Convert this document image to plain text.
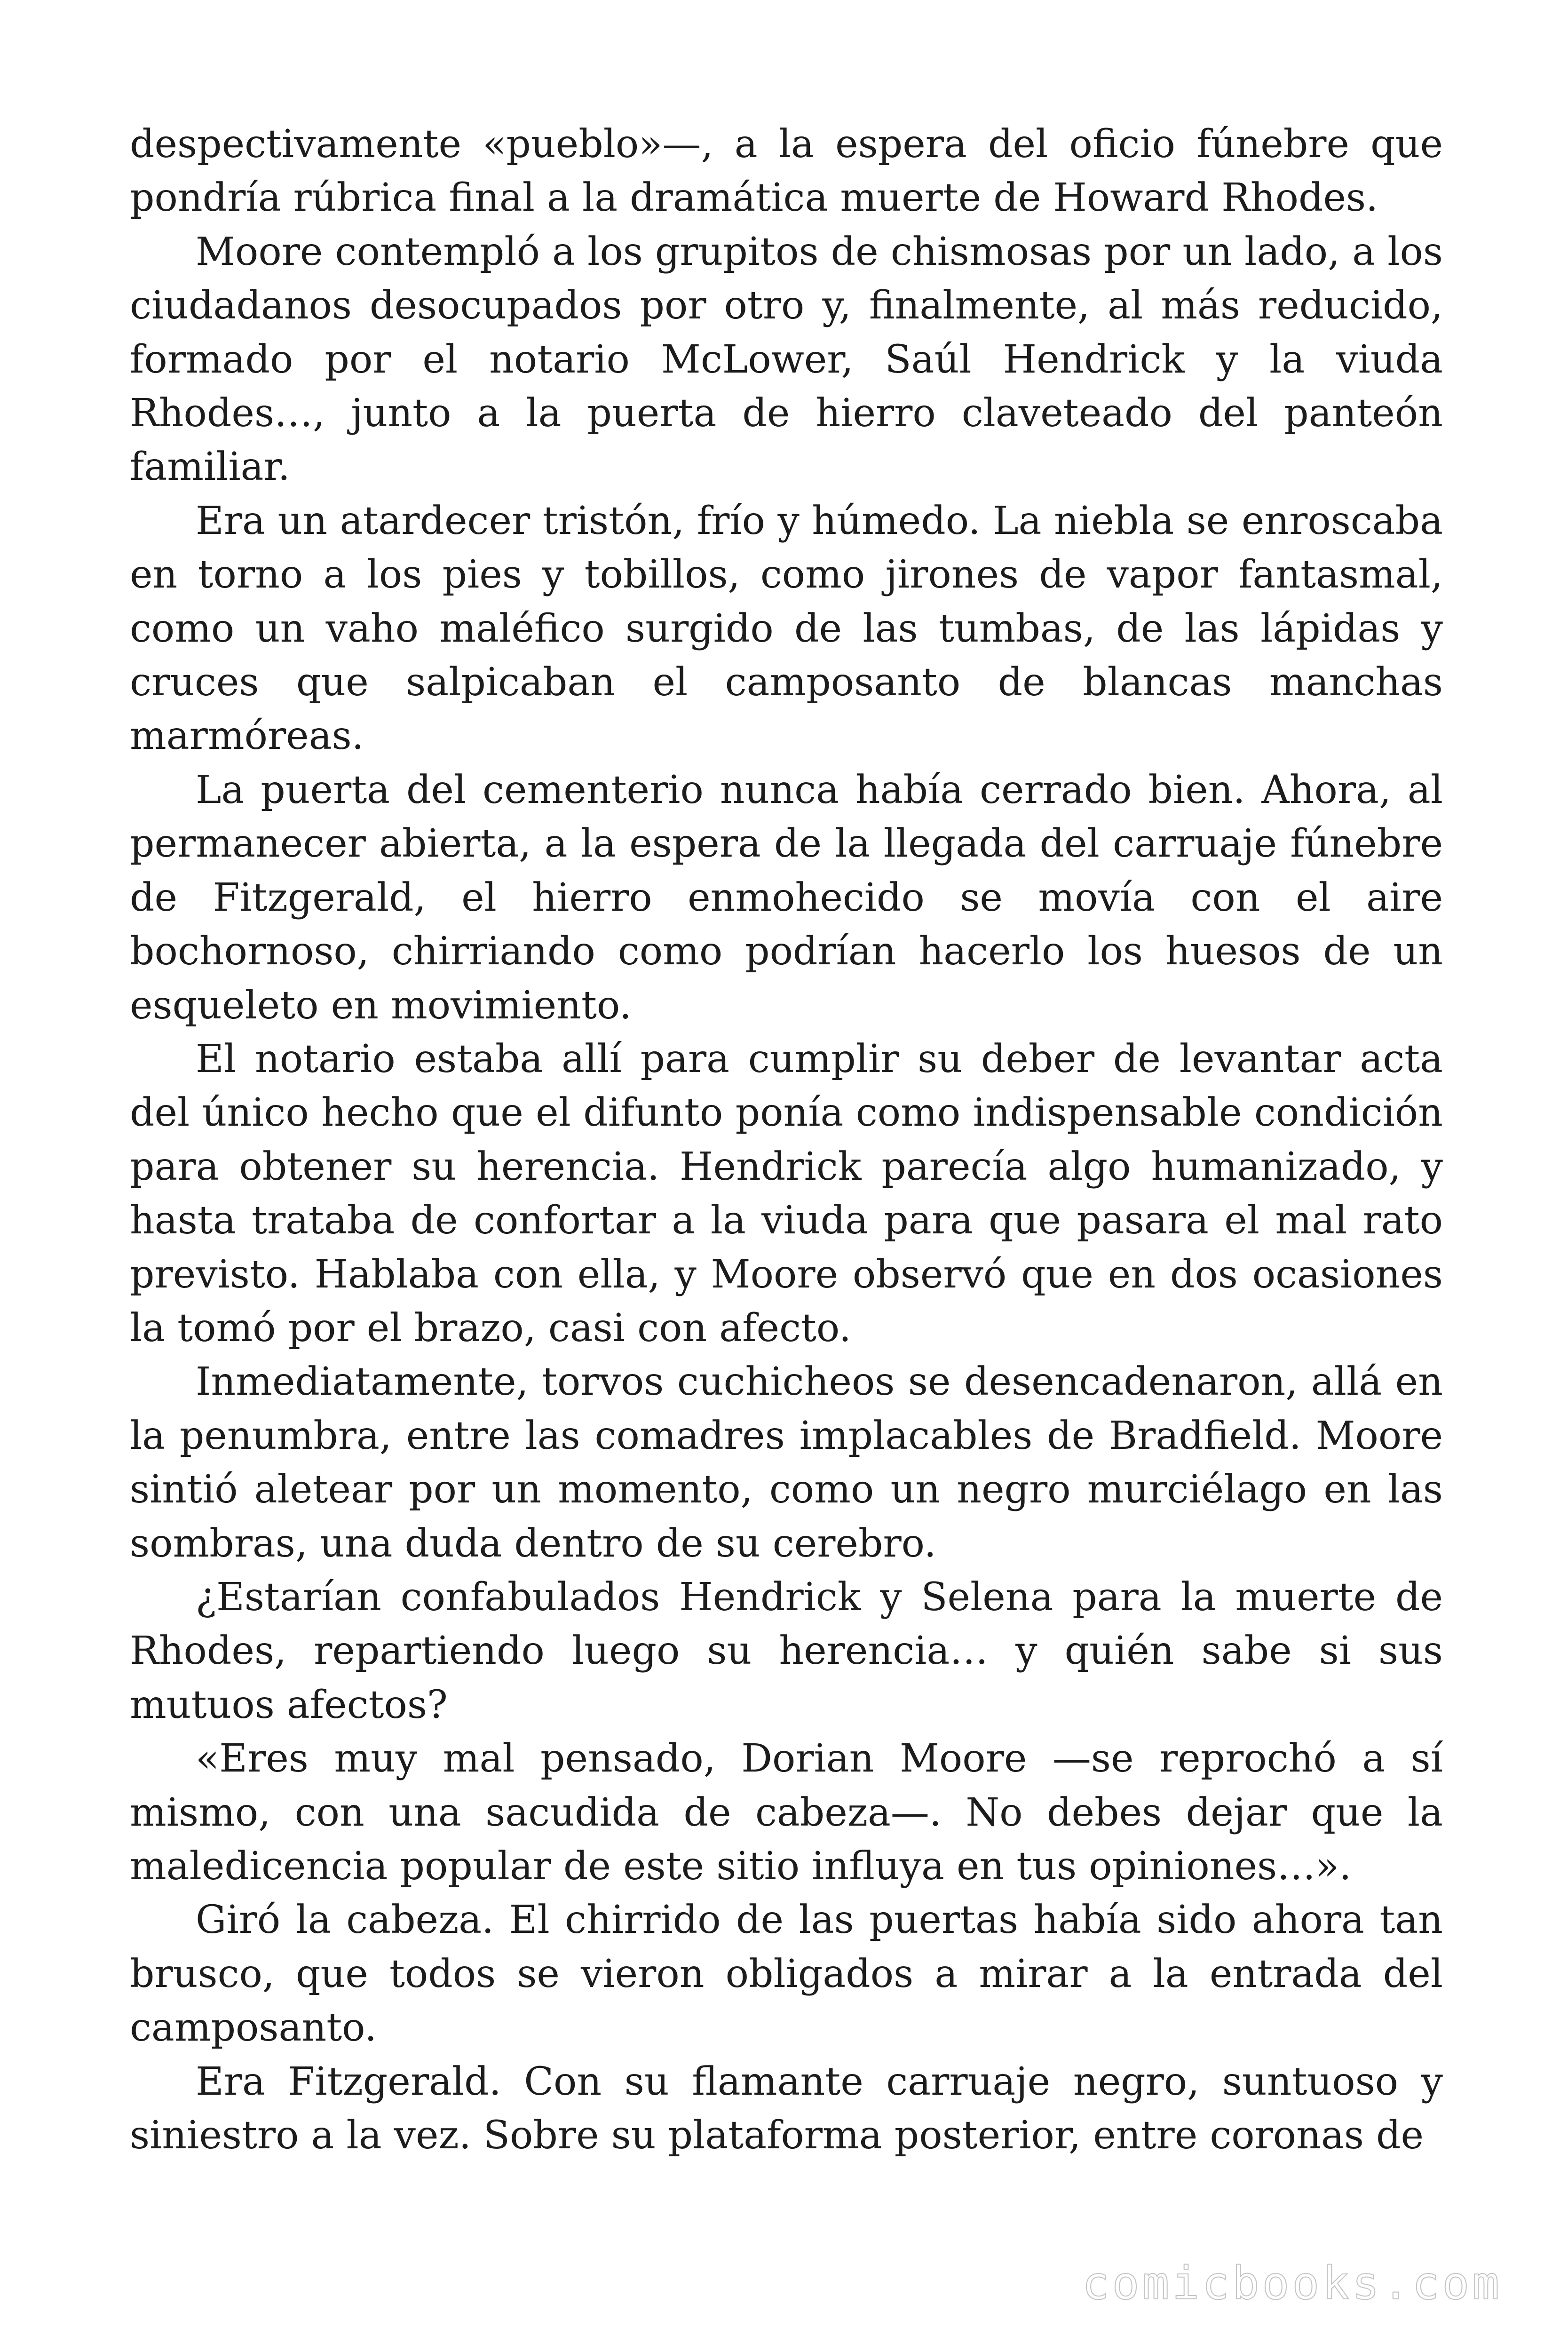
despectivamente «pueblo»—, a la espera del oficio fúnebre que pondría rúbrica final a la dramática muerte de Howard Rhodes.

Moore contempló a los grupitos de chismosas por un lado, a los ciudadanos desocupados por otro y, finalmente, al más reducido, formado por el notario McLower, Saúl Hendrick y la viuda Rhodes…, junto a la puerta de hierro claveteado del panteón familiar.

Era un atardecer tristón, frío y húmedo. La niebla se enroscaba en torno a los pies y tobillos, como jirones de vapor fantasmal, como un vaho maléfico surgido de las tumbas, de las lápidas y cruces que salpicaban el camposanto de blancas manchas marmóreas.

La puerta del cementerio nunca había cerrado bien. Ahora, al permanecer abierta, a la espera de la llegada del carruaje fúnebre de Fitzgerald, el hierro enmohecido se movía con el aire bochornoso, chirriando como podrían hacerlo los huesos de un esqueleto en movimiento.

El notario estaba allí para cumplir su deber de levantar acta del único hecho que el difunto ponía como indispensable condición para obtener su herencia. Hendrick parecía algo humanizado, y hasta trataba de confortar a la viuda para que pasara el mal rato previsto. Hablaba con ella, y Moore observó que en dos ocasiones la tomó por el brazo, casi con afecto.

Inmediatamente, torvos cuchicheos se desencadenaron, allá en la penumbra, entre las comadres implacables de Bradfield. Moore sintió aletear por un momento, como un negro murciélago en las sombras, una duda dentro de su cerebro.

¿Estarían confabulados Hendrick y Selena para la muerte de Rhodes, repartiendo luego su herencia… y quién sabe si sus mutuos afectos?

«Eres muy mal pensado, Dorian Moore —se reprochó a sí mismo, con una sacudida de cabeza—. No debes dejar que la maledicencia popular de este sitio influya en tus opiniones…».

Giró la cabeza. El chirrido de las puertas había sido ahora tan brusco, que todos se vieron obligados a mirar a la entrada del camposanto.

Era Fitzgerald. Con su flamante carruaje negro, suntuoso y siniestro a la vez. Sobre su plataforma posterior, entre coronas de

comicbooks.com
